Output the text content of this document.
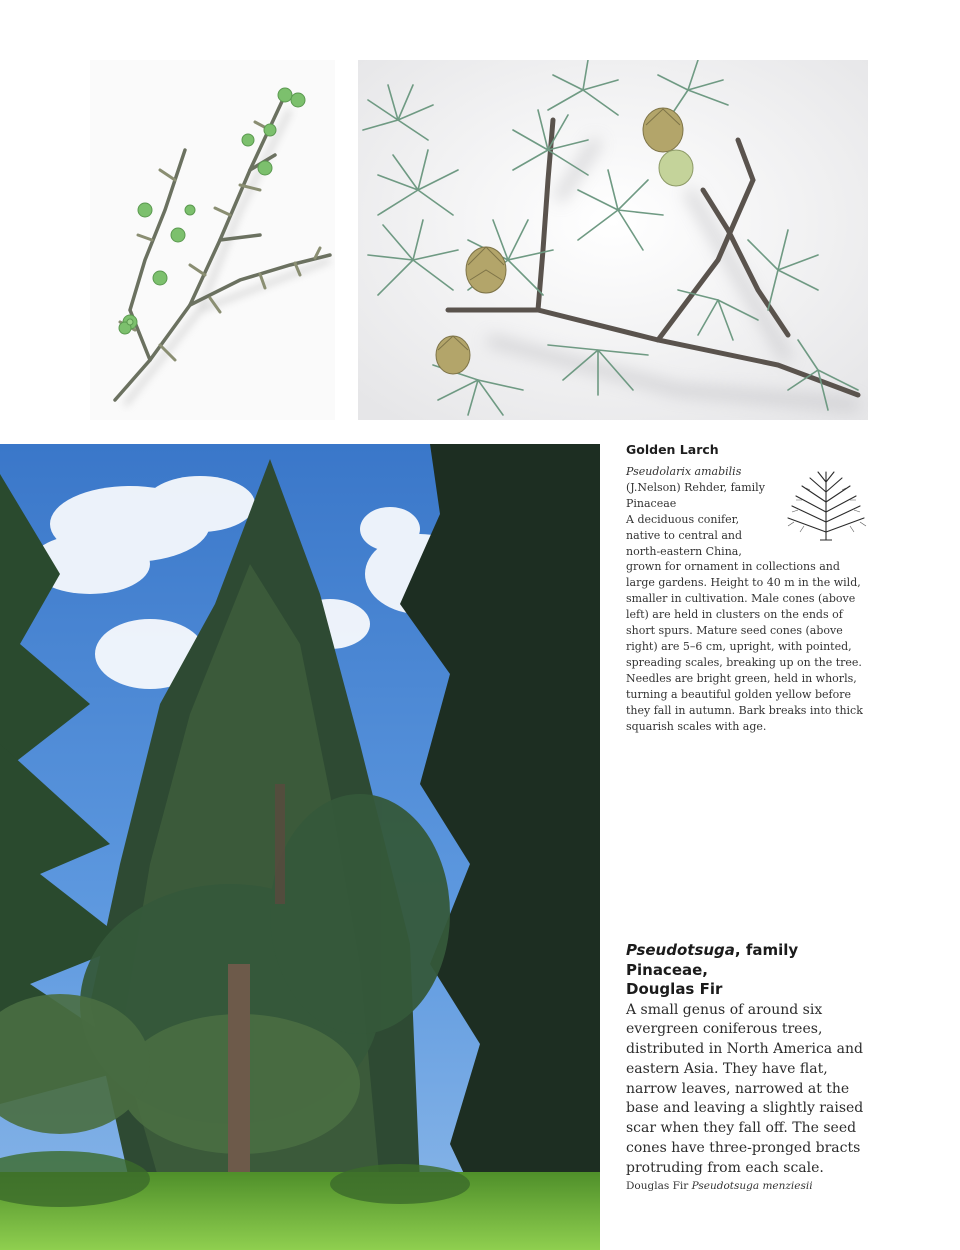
Golden Larch
Pseudolarix amabilis (J.Nelson) Rehder, family Pinaceae
A deciduous conifer, native to central and north-eastern China, grown for ornament in collections and large gardens. Height to 40 m in the wild, smaller in cultivation. Male cones (above left) are held in clusters on the ends of short spurs. Mature seed cones (above right) are 5–6 cm, upright, with pointed, spreading scales, breaking up on the tree. Needles are bright green, held in whorls, turning a beautiful golden yellow before they fall in autumn. Bark breaks into thick squarish scales with age.
Pseudotsuga, family Pinaceae,
Douglas Fir
A small genus of around six evergreen coniferous trees, distributed in North America and eastern Asia. They have flat, narrow leaves, narrowed at the base and leaving a slightly raised scar when they fall off. The seed cones have three-pronged bracts protruding from each scale.
Douglas Fir Pseudotsuga menziesii
